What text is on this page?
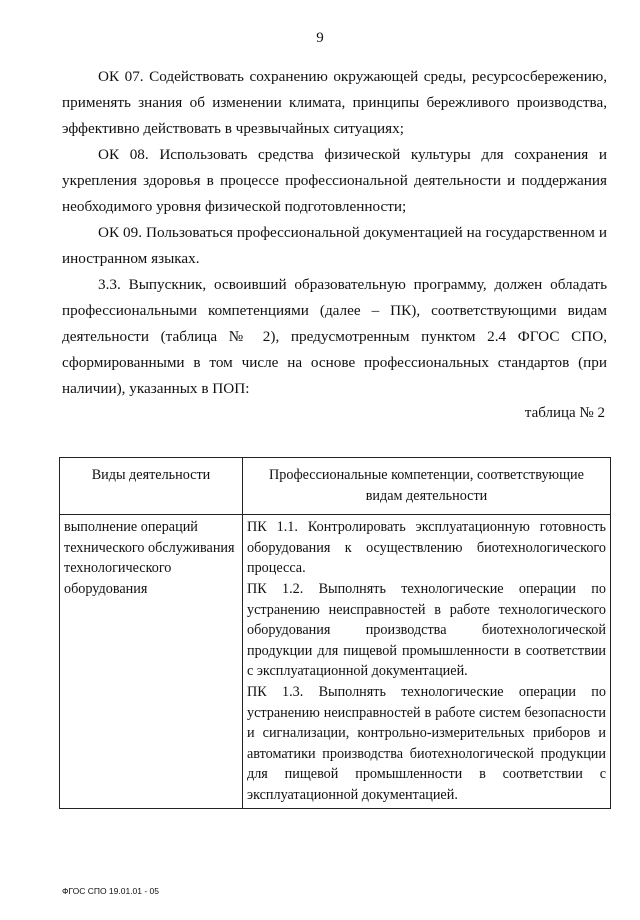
9

ОК 07. Содействовать сохранению окружающей среды, ресурсосбережению, применять знания об изменении климата, принципы бережливого производства, эффективно действовать в чрезвычайных ситуациях;

ОК 08. Использовать средства физической культуры для сохранения и укрепления здоровья в процессе профессиональной деятельности и поддержания необходимого уровня физической подготовленности;

ОК 09. Пользоваться профессиональной документацией на государственном и иностранном языках.

3.3. Выпускник, освоивший образовательную программу, должен обладать профессиональными компетенциями (далее – ПК), соответствующими видам деятельности (таблица № 2), предусмотренным пунктом 2.4 ФГОС СПО, сформированными в том числе на основе профессиональных стандартов (при наличии), указанных в ПОП:

таблица № 2
Виды деятельности	Профессиональные компетенции, соответствующие видам деятельности

выполнение операций технического обслуживания технологического оборудования	ПК 1.1. Контролировать эксплуатационную готовность оборудования к осуществлению биотехнологического процесса.

ПК 1.2. Выполнять технологические операции по устранению неисправностей в работе технологического оборудования производства биотехнологической продукции для пищевой промышленности в соответствии с эксплуатационной документацией.

ПК 1.3. Выполнять технологические операции по устранению неисправностей в работе систем безопасности и сигнализации, контрольно-измерительных приборов и автоматики производства биотехнологической продукции для пищевой промышленности в соответствии с эксплуатационной документацией.

ФГОС СПО 19.01.01 - 05
